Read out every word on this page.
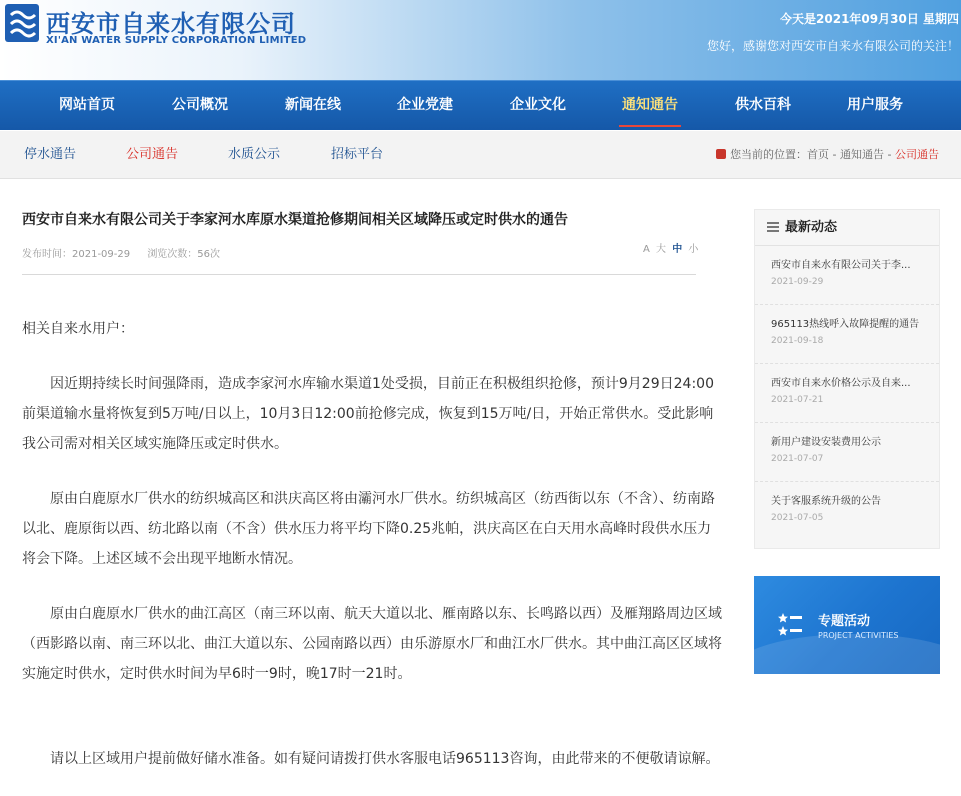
西安市自来水有限公司
XI'AN WATER SUPPLY CORPORATION LIMITED
今天是2021年09月30日 星期四
您好，感谢您对西安市自来水有限公司的关注！
网站首页	公司概况	新闻在线	企业党建	企业文化	通知通告	供水百科	用户服务
停水通告	公司通告	水质公示	招标平台	您当前的位置：首页 - 通知通告 - 公司通告
西安市自来水有限公司关于李家河水库原水渠道抢修期间相关区域降压或定时供水的通告
发布时间：2021-09-29 浏览次数：56次	A 大 中 小
相关自来水用户：

因近期持续长时间强降雨，造成李家河水库输水渠道1处受损，目前正在积极组织抢修，预计9月29日24:00前渠道输水量将恢复到5万吨/日以上，10月3日12:00前抢修完成，恢复到15万吨/日，开始正常供水。受此影响我公司需对相关区域实施降压或定时供水。

原由白鹿原水厂供水的纺织城高区和洪庆高区将由灞河水厂供水。纺织城高区（纺西街以东（不含）、纺南路以北、鹿原街以西、纺北路以南（不含）供水压力将平均下降0.25兆帕，洪庆高区在白天用水高峰时段供水压力将会下降。上述区域不会出现平地断水情况。

原由白鹿原水厂供水的曲江高区（南三环以南、航天大道以北、雁南路以东、长鸣路以西）及雁翔路周边区域（西影路以南、南三环以北、曲江大道以东、公园南路以西）由乐游原水厂和曲江水厂供水。其中曲江高区区域将实施定时供水，定时供水时间为早6时一9时，晚17时一21时。

请以上区域用户提前做好储水准备。如有疑问请拨打供水客服电话965113咨询，由此带来的不便敬请谅解。

最新动态
西安市自来水有限公司关于李...
2021-09-29
965113热线呼入故障提醒的通告
2021-09-18
西安市自来水价格公示及自来...
2021-07-21
新用户建设安装费用公示
2021-07-07
关于客服系统升级的公告
2021-07-05
专题活动
PROJECT ACTIVITIES
